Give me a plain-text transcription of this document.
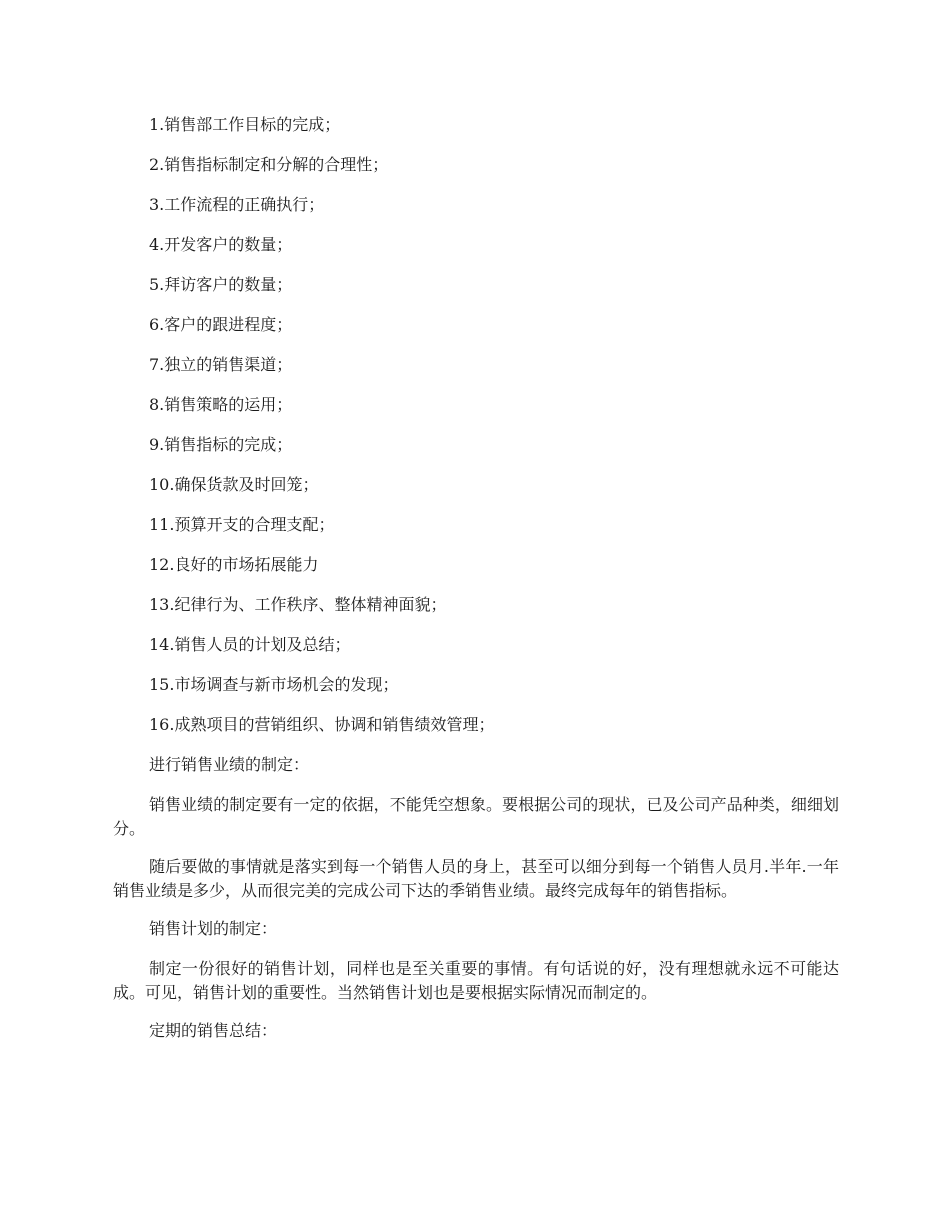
1.销售部工作目标的完成；
2.销售指标制定和分解的合理性；
3.工作流程的正确执行；
4.开发客户的数量；
5.拜访客户的数量；
6.客户的跟进程度；
7.独立的销售渠道；
8.销售策略的运用；
9.销售指标的完成；
10.确保货款及时回笼；
11.预算开支的合理支配；
12.良好的市场拓展能力
13.纪律行为、工作秩序、整体精神面貌；
14.销售人员的计划及总结；
15.市场调查与新市场机会的发现；
16.成熟项目的营销组织、协调和销售绩效管理；

进行销售业绩的制定：

销售业绩的制定要有一定的依据，不能凭空想象。要根据公司的现状，已及公司产品种类，细细划分。

随后要做的事情就是落实到每一个销售人员的身上，甚至可以细分到每一个销售人员月.半年.一年销售业绩是多少，从而很完美的完成公司下达的季销售业绩。最终完成每年的销售指标。

销售计划的制定：

制定一份很好的销售计划，同样也是至关重要的事情。有句话说的好，没有理想就永远不可能达成。可见，销售计划的重要性。当然销售计划也是要根据实际情况而制定的。

定期的销售总结：
